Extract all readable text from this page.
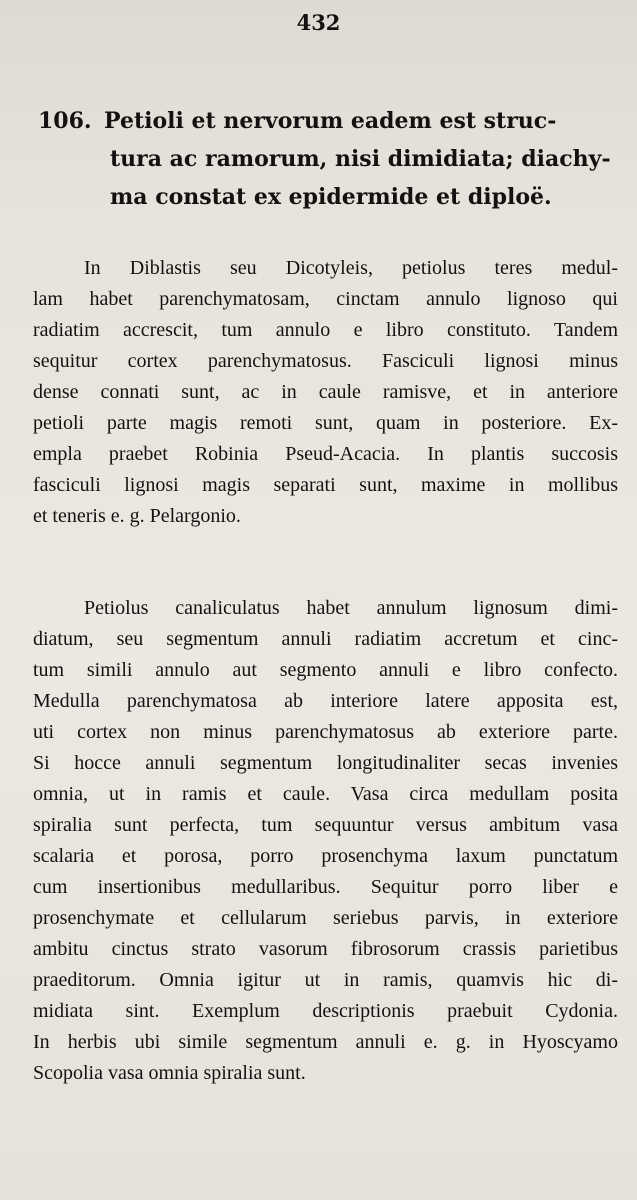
432
106. Petioli et nervorum eadem est struc-
tura ac ramorum, nisi dimidiata; diachy-
ma constat ex epidermide et diploë.
In Diblastis seu Dicotyleis, petiolus teres medul-
lam habet parenchymatosam, cinctam annulo lignoso qui
radiatim accrescit, tum annulo e libro constituto. Tandem
sequitur cortex parenchymatosus. Fasciculi lignosi minus
dense connati sunt, ac in caule ramisve, et in anteriore
petioli parte magis remoti sunt, quam in posteriore. Ex-
empla praebet Robinia Pseud-Acacia. In plantis succosis
fasciculi lignosi magis separati sunt, maxime in mollibus
et teneris e. g. Pelargonio.
Petiolus canaliculatus habet annulum lignosum dimi-
diatum, seu segmentum annuli radiatim accretum et cinc-
tum simili annulo aut segmento annuli e libro confecto.
Medulla parenchymatosa ab interiore latere apposita est,
uti cortex non minus parenchymatosus ab exteriore parte.
Si hocce annuli segmentum longitudinaliter secas invenies
omnia, ut in ramis et caule. Vasa circa medullam posita
spiralia sunt perfecta, tum sequuntur versus ambitum vasa
scalaria et porosa, porro prosenchyma laxum punctatum
cum insertionibus medullaribus. Sequitur porro liber e
prosenchymate et cellularum seriebus parvis, in exteriore
ambitu cinctus strato vasorum fibrosorum crassis parietibus
praeditorum. Omnia igitur ut in ramis, quamvis hic di-
midiata sint. Exemplum descriptionis praebuit Cydonia.
In herbis ubi simile segmentum annuli e. g. in Hyoscyamo
Scopolia vasa omnia spiralia sunt.
